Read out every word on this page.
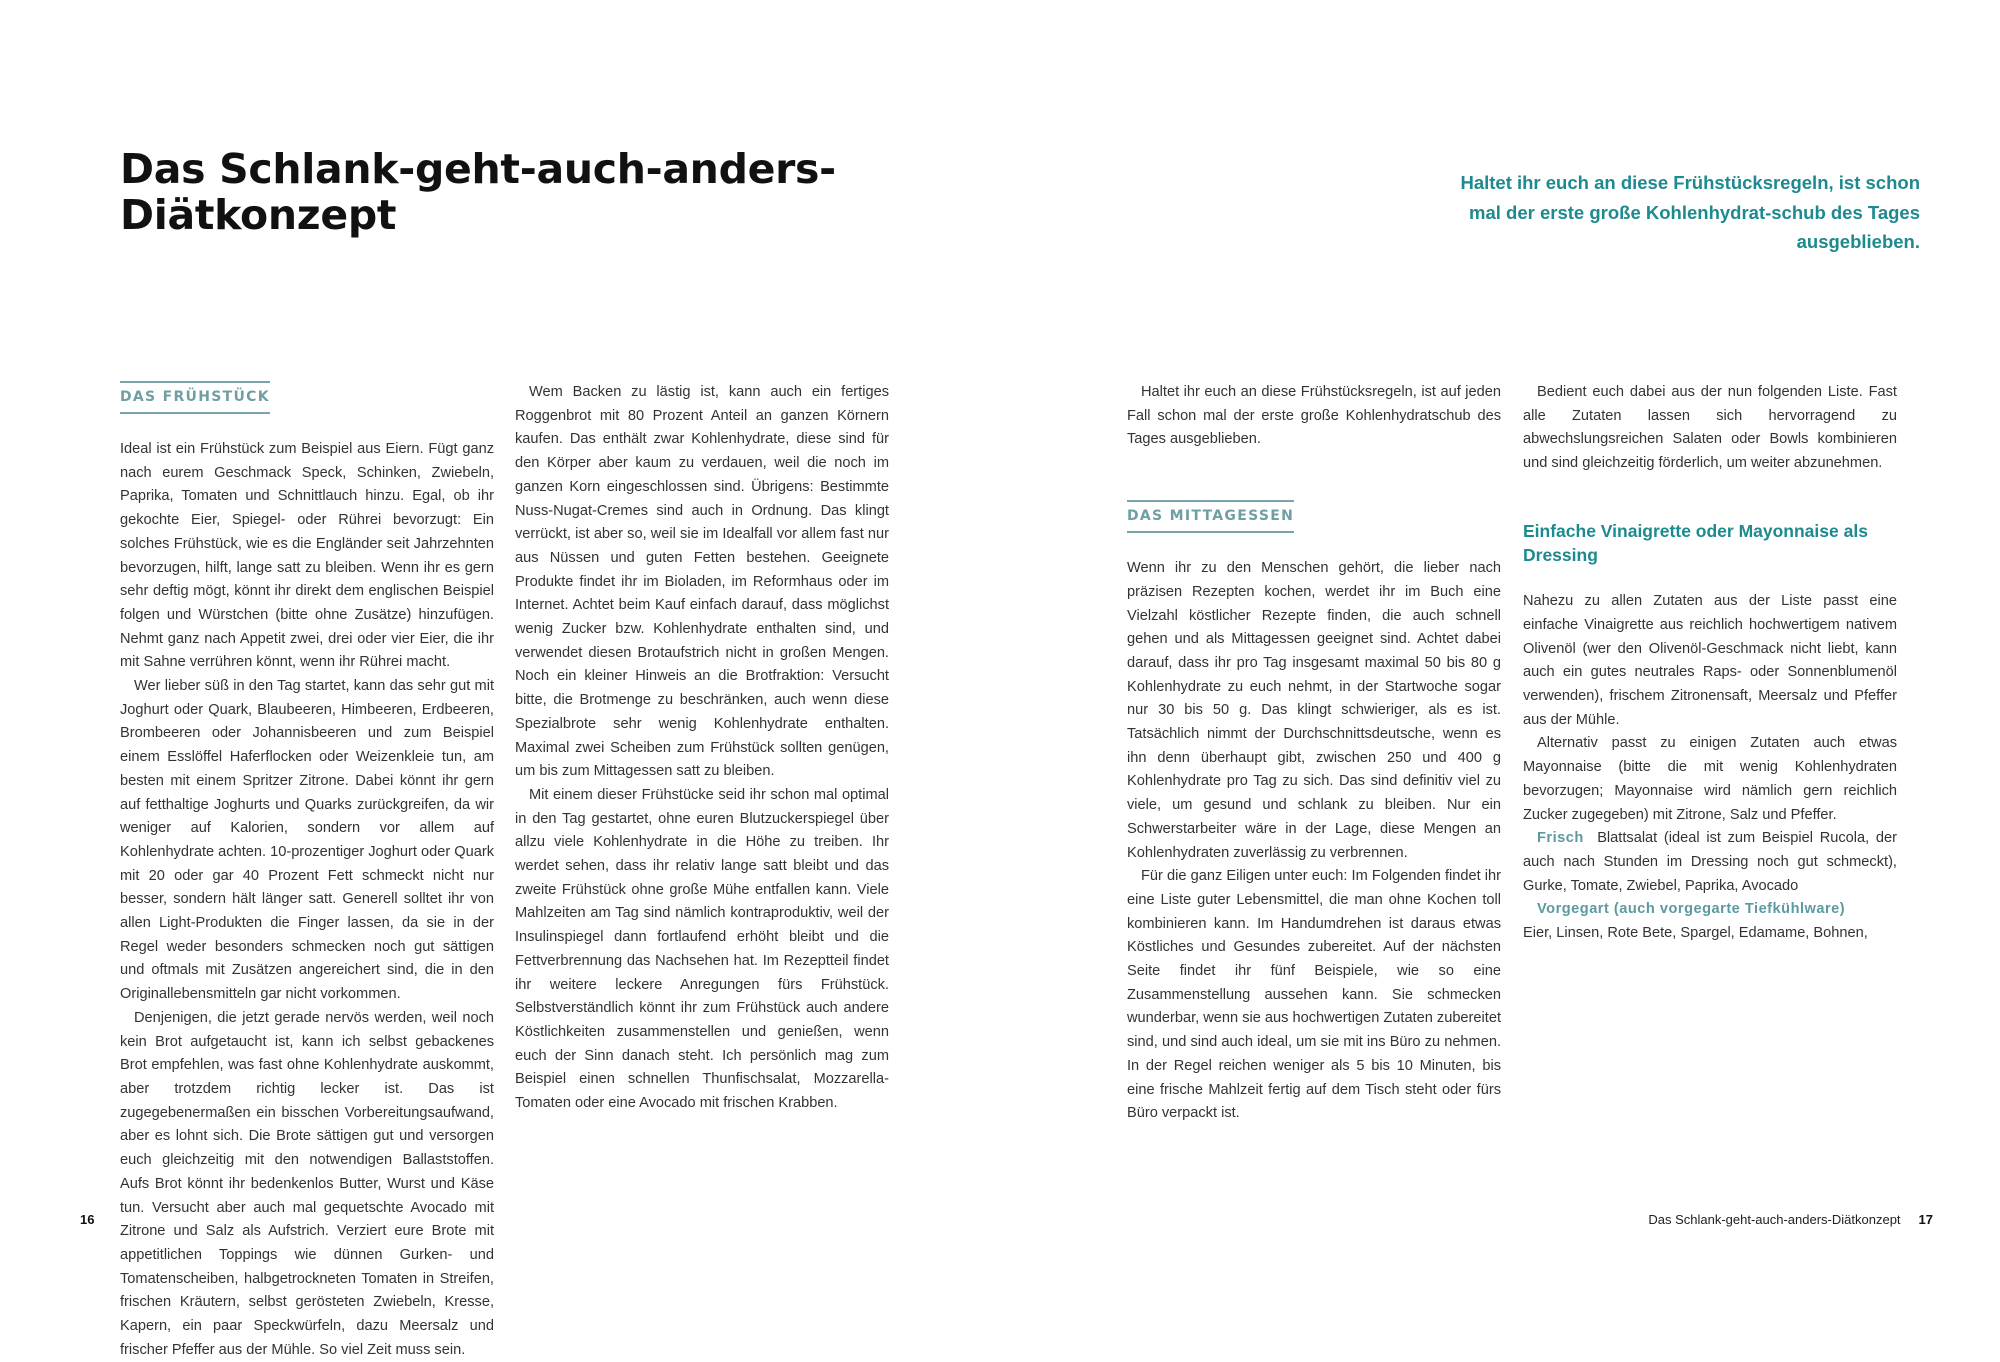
Das Schlank-geht-auch-anders-Diätkonzept
Haltet ihr euch an diese Frühstücksregeln, ist schon mal der erste große Kohlenhydrat-schub des Tages ausgeblieben.
DAS FRÜHSTÜCK

Ideal ist ein Frühstück zum Beispiel aus Eiern. Fügt ganz nach eurem Geschmack Speck, Schinken, Zwiebeln, Paprika, Tomaten und Schnittlauch hinzu. Egal, ob ihr gekochte Eier, Spiegel- oder Rührei bevorzugt: Ein solches Frühstück, wie es die Engländer seit Jahrzehnten bevorzugen, hilft, lange satt zu bleiben. Wenn ihr es gern sehr deftig mögt, könnt ihr direkt dem englischen Beispiel folgen und Würstchen (bitte ohne Zusätze) hinzufügen. Nehmt ganz nach Appetit zwei, drei oder vier Eier, die ihr mit Sahne verrühren könnt, wenn ihr Rührei macht.

Wer lieber süß in den Tag startet, kann das sehr gut mit Joghurt oder Quark, Blaubeeren, Himbeeren, Erdbeeren, Brombeeren oder Johannisbeeren und zum Beispiel einem Esslöffel Haferflocken oder Weizenkleie tun, am besten mit einem Spritzer Zitrone. Dabei könnt ihr gern auf fetthaltige Joghurts und Quarks zurückgreifen, da wir weniger auf Kalorien, sondern vor allem auf Kohlenhydrate achten. 10-prozentiger Joghurt oder Quark mit 20 oder gar 40 Prozent Fett schmeckt nicht nur besser, sondern hält länger satt. Generell solltet ihr von allen Light-Produkten die Finger lassen, da sie in der Regel weder besonders schmecken noch gut sättigen und oftmals mit Zusätzen angereichert sind, die in den Originallebensmitteln gar nicht vorkommen.

Denjenigen, die jetzt gerade nervös werden, weil noch kein Brot aufgetaucht ist, kann ich selbst gebackenes Brot empfehlen, was fast ohne Kohlenhydrate auskommt, aber trotzdem richtig lecker ist. Das ist zugegebenermaßen ein bisschen Vorbereitungsaufwand, aber es lohnt sich. Die Brote sättigen gut und versorgen euch gleichzeitig mit den notwendigen Ballaststoffen. Aufs Brot könnt ihr bedenkenlos Butter, Wurst und Käse tun. Versucht aber auch mal gequetschte Avocado mit Zitrone und Salz als Aufstrich. Verziert eure Brote mit appetitlichen Toppings wie dünnen Gurken- und Tomatenscheiben, halbgetrockneten Tomaten in Streifen, frischen Kräutern, selbst gerösteten Zwiebeln, Kresse, Kapern, ein paar Speckwürfeln, dazu Meersalz und frischer Pfeffer aus der Mühle. So viel Zeit muss sein.

Wem Backen zu lästig ist, kann auch ein fertiges Roggenbrot mit 80 Prozent Anteil an ganzen Körnern kaufen. Das enthält zwar Kohlenhydrate, diese sind für den Körper aber kaum zu verdauen, weil die noch im ganzen Korn eingeschlossen sind. Übrigens: Bestimmte Nuss-Nugat-Cremes sind auch in Ordnung. Das klingt verrückt, ist aber so, weil sie im Idealfall vor allem fast nur aus Nüssen und guten Fetten bestehen. Geeignete Produkte findet ihr im Bioladen, im Reformhaus oder im Internet. Achtet beim Kauf einfach darauf, dass möglichst wenig Zucker bzw. Kohlenhydrate enthalten sind, und verwendet diesen Brotaufstrich nicht in großen Mengen. Noch ein kleiner Hinweis an die Brotfraktion: Versucht bitte, die Brotmenge zu beschränken, auch wenn diese Spezialbrote sehr wenig Kohlenhydrate enthalten. Maximal zwei Scheiben zum Frühstück sollten genügen, um bis zum Mittagessen satt zu bleiben.

Mit einem dieser Frühstücke seid ihr schon mal optimal in den Tag gestartet, ohne euren Blutzuckerspiegel über allzu viele Kohlenhydrate in die Höhe zu treiben. Ihr werdet sehen, dass ihr relativ lange satt bleibt und das zweite Frühstück ohne große Mühe entfallen kann. Viele Mahlzeiten am Tag sind nämlich kontraproduktiv, weil der Insulinspiegel dann fortlaufend erhöht bleibt und die Fettverbrennung das Nachsehen hat. Im Rezeptteil findet ihr weitere leckere Anregungen fürs Frühstück. Selbstverständlich könnt ihr zum Frühstück auch andere Köstlichkeiten zusammenstellen und genießen, wenn euch der Sinn danach steht. Ich persönlich mag zum Beispiel einen schnellen Thunfischsalat, Mozzarella-Tomaten oder eine Avocado mit frischen Krabben.

Haltet ihr euch an diese Frühstücksregeln, ist auf jeden Fall schon mal der erste große Kohlenhydratschub des Tages ausgeblieben.

DAS MITTAGESSEN

Wenn ihr zu den Menschen gehört, die lieber nach präzisen Rezepten kochen, werdet ihr im Buch eine Vielzahl köstlicher Rezepte finden, die auch schnell gehen und als Mittagessen geeignet sind. Achtet dabei darauf, dass ihr pro Tag insgesamt maximal 50 bis 80 g Kohlenhydrate zu euch nehmt, in der Startwoche sogar nur 30 bis 50 g. Das klingt schwieriger, als es ist. Tatsächlich nimmt der Durchschnittsdeutsche, wenn es ihn denn überhaupt gibt, zwischen 250 und 400 g Kohlenhydrate pro Tag zu sich. Das sind definitiv viel zu viele, um gesund und schlank zu bleiben. Nur ein Schwerstarbeiter wäre in der Lage, diese Mengen an Kohlenhydraten zuverlässig zu verbrennen.

Für die ganz Eiligen unter euch: Im Folgenden findet ihr eine Liste guter Lebensmittel, die man ohne Kochen toll kombinieren kann. Im Handumdrehen ist daraus etwas Köstliches und Gesundes zubereitet. Auf der nächsten Seite findet ihr fünf Beispiele, wie so eine Zusammenstellung aussehen kann. Sie schmecken wunderbar, wenn sie aus hochwertigen Zutaten zubereitet sind, und sind auch ideal, um sie mit ins Büro zu nehmen. In der Regel reichen weniger als 5 bis 10 Minuten, bis eine frische Mahlzeit fertig auf dem Tisch steht oder fürs Büro verpackt ist.

Bedient euch dabei aus der nun folgenden Liste. Fast alle Zutaten lassen sich hervorragend zu abwechslungsreichen Salaten oder Bowls kombinieren und sind gleichzeitig förderlich, um weiter abzunehmen.

Einfache Vinaigrette oder Mayonnaise als Dressing

Nahezu zu allen Zutaten aus der Liste passt eine einfache Vinaigrette aus reichlich hochwertigem nativem Olivenöl (wer den Olivenöl-Geschmack nicht liebt, kann auch ein gutes neutrales Raps- oder Sonnenblumenöl verwenden), frischem Zitronensaft, Meersalz und Pfeffer aus der Mühle.

Alternativ passt zu einigen Zutaten auch etwas Mayonnaise (bitte die mit wenig Kohlenhydraten bevorzugen; Mayonnaise wird nämlich gern reichlich Zucker zugegeben) mit Zitrone, Salz und Pfeffer.

Frisch Blattsalat (ideal ist zum Beispiel Rucola, der auch nach Stunden im Dressing noch gut schmeckt), Gurke, Tomate, Zwiebel, Paprika, Avocado

Vorgegart (auch vorgegarte Tiefkühlware)
Eier, Linsen, Rote Bete, Spargel, Edamame, Bohnen,

16	Das Schlank-geht-auch-anders-Diätkonzept 17
